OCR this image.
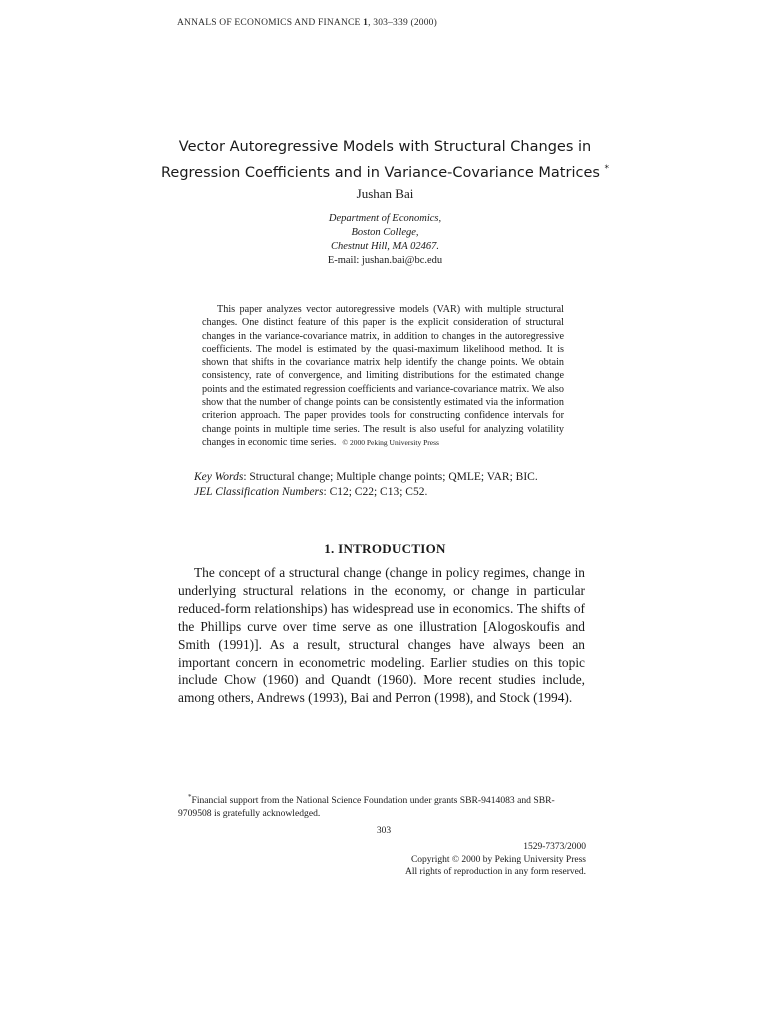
ANNALS OF ECONOMICS AND FINANCE 1, 303–339 (2000)
Vector Autoregressive Models with Structural Changes in
Regression Coefficients and in Variance-Covariance Matrices *
Jushan Bai
Department of Economics,
Boston College,
Chestnut Hill, MA 02467.
E-mail: jushan.bai@bc.edu
This paper analyzes vector autoregressive models (VAR) with multiple structural changes. One distinct feature of this paper is the explicit consideration of structural changes in the variance-covariance matrix, in addition to changes in the autoregressive coefficients. The model is estimated by the quasi-maximum likelihood method. It is shown that shifts in the covariance matrix help identify the change points. We obtain consistency, rate of convergence, and limiting distributions for the estimated change points and the estimated regression coefficients and variance-covariance matrix. We also show that the number of change points can be consistently estimated via the information criterion approach. The paper provides tools for constructing confidence intervals for change points in multiple time series. The result is also useful for analyzing volatility changes in economic time series. © 2000 Peking University Press
Key Words: Structural change; Multiple change points; QMLE; VAR; BIC.
JEL Classification Numbers: C12; C22; C13; C52.
1. INTRODUCTION
The concept of a structural change (change in policy regimes, change in underlying structural relations in the economy, or change in particular reduced-form relationships) has widespread use in economics. The shifts of the Phillips curve over time serve as one illustration [Alogoskoufis and Smith (1991)]. As a result, structural changes have always been an important concern in econometric modeling. Earlier studies on this topic include Chow (1960) and Quandt (1960). More recent studies include, among others, Andrews (1993), Bai and Perron (1998), and Stock (1994).
*Financial support from the National Science Foundation under grants SBR-9414083 and SBR-9709508 is gratefully acknowledged.
303
1529-7373/2000
Copyright © 2000 by Peking University Press
All rights of reproduction in any form reserved.
